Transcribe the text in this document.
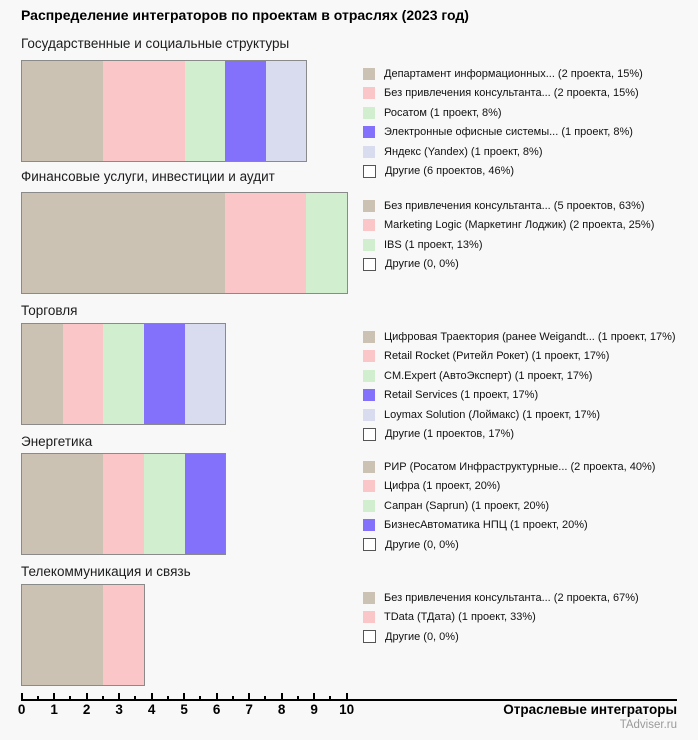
Распределение интеграторов по проектам в отраслях (2023 год)
Государственные и социальные структуры
Департамент информационных... (2 проекта, 15%)
Без привлечения консультанта... (2 проекта, 15%)
Росатом (1 проект, 8%)
Электронные офисные системы... (1 проект, 8%)
Яндекс (Yandex) (1 проект, 8%)
Другие (6 проектов, 46%)
Финансовые услуги, инвестиции и аудит
Без привлечения консультанта... (5 проектов, 63%)
Marketing Logic (Маркетинг Лоджик) (2 проекта, 25%)
IBS (1 проект, 13%)
Другие (0, 0%)
Торговля
Цифровая Траектория (ранее Weigandt... (1 проект, 17%)
Retail Rocket (Ритейл Рокет) (1 проект, 17%)
CM.Expert (АвтоЭксперт) (1 проект, 17%)
Retail Services (1 проект, 17%)
Loymax Solution (Лоймакс) (1 проект, 17%)
Другие (1 проектов, 17%)
Энергетика
РИР (Росатом Инфраструктурные... (2 проекта, 40%)
Цифра (1 проект, 20%)
Сапран (Saprun) (1 проект, 20%)
БизнесАвтоматика НПЦ (1 проект, 20%)
Другие (0, 0%)
Телекоммуникация и связь
Без привлечения консультанта... (2 проекта, 67%)
TData (ТДата) (1 проект, 33%)
Другие (0, 0%)
0	1	2	3	4	5	6	7	8	9	10	Отраслевые интеграторы
TAdviser.ru
